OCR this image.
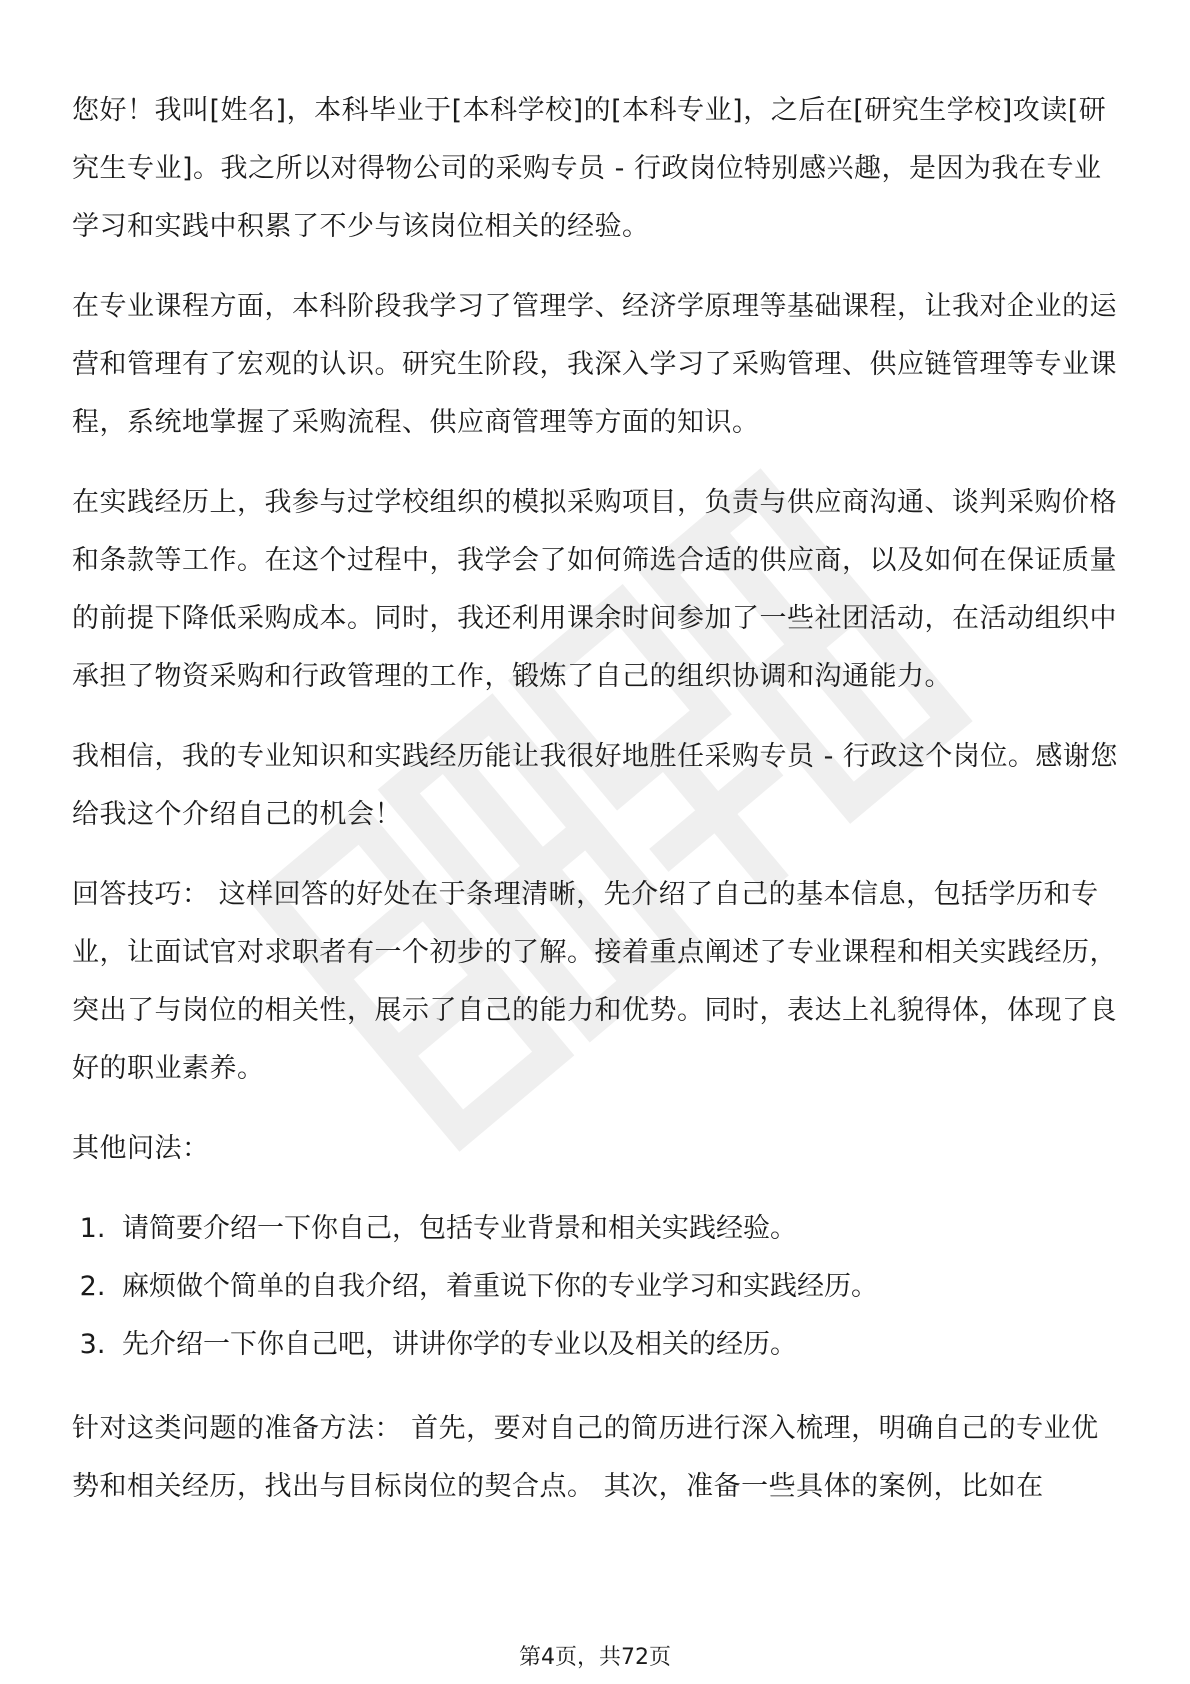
您好！我叫[姓名]，本科毕业于[本科学校]的[本科专业]，之后在[研究生学校]攻读[研究生专业]。我之所以对得物公司的采购专员 - 行政岗位特别感兴趣，是因为我在专业学习和实践中积累了不少与该岗位相关的经验。

在专业课程方面，本科阶段我学习了管理学、经济学原理等基础课程，让我对企业的运营和管理有了宏观的认识。研究生阶段，我深入学习了采购管理、供应链管理等专业课程，系统地掌握了采购流程、供应商管理等方面的知识。

在实践经历上，我参与过学校组织的模拟采购项目，负责与供应商沟通、谈判采购价格和条款等工作。在这个过程中，我学会了如何筛选合适的供应商，以及如何在保证质量的前提下降低采购成本。同时，我还利用课余时间参加了一些社团活动，在活动组织中承担了物资采购和行政管理的工作，锻炼了自己的组织协调和沟通能力。

我相信，我的专业知识和实践经历能让我很好地胜任采购专员 - 行政这个岗位。感谢您给我这个介绍自己的机会！

回答技巧： 这样回答的好处在于条理清晰，先介绍了自己的基本信息，包括学历和专业，让面试官对求职者有一个初步的了解。接着重点阐述了专业课程和相关实践经历，突出了与岗位的相关性，展示了自己的能力和优势。同时，表达上礼貌得体，体现了良好的职业素养。

其他问法：

1. 请简要介绍一下你自己，包括专业背景和相关实践经验。
2. 麻烦做个简单的自我介绍，着重说下你的专业学习和实践经历。
3. 先介绍一下你自己吧，讲讲你学的专业以及相关的经历。

针对这类问题的准备方法： 首先，要对自己的简历进行深入梳理，明确自己的专业优势和相关经历，找出与目标岗位的契合点。 其次，准备一些具体的案例，比如在

第4页，共72页
